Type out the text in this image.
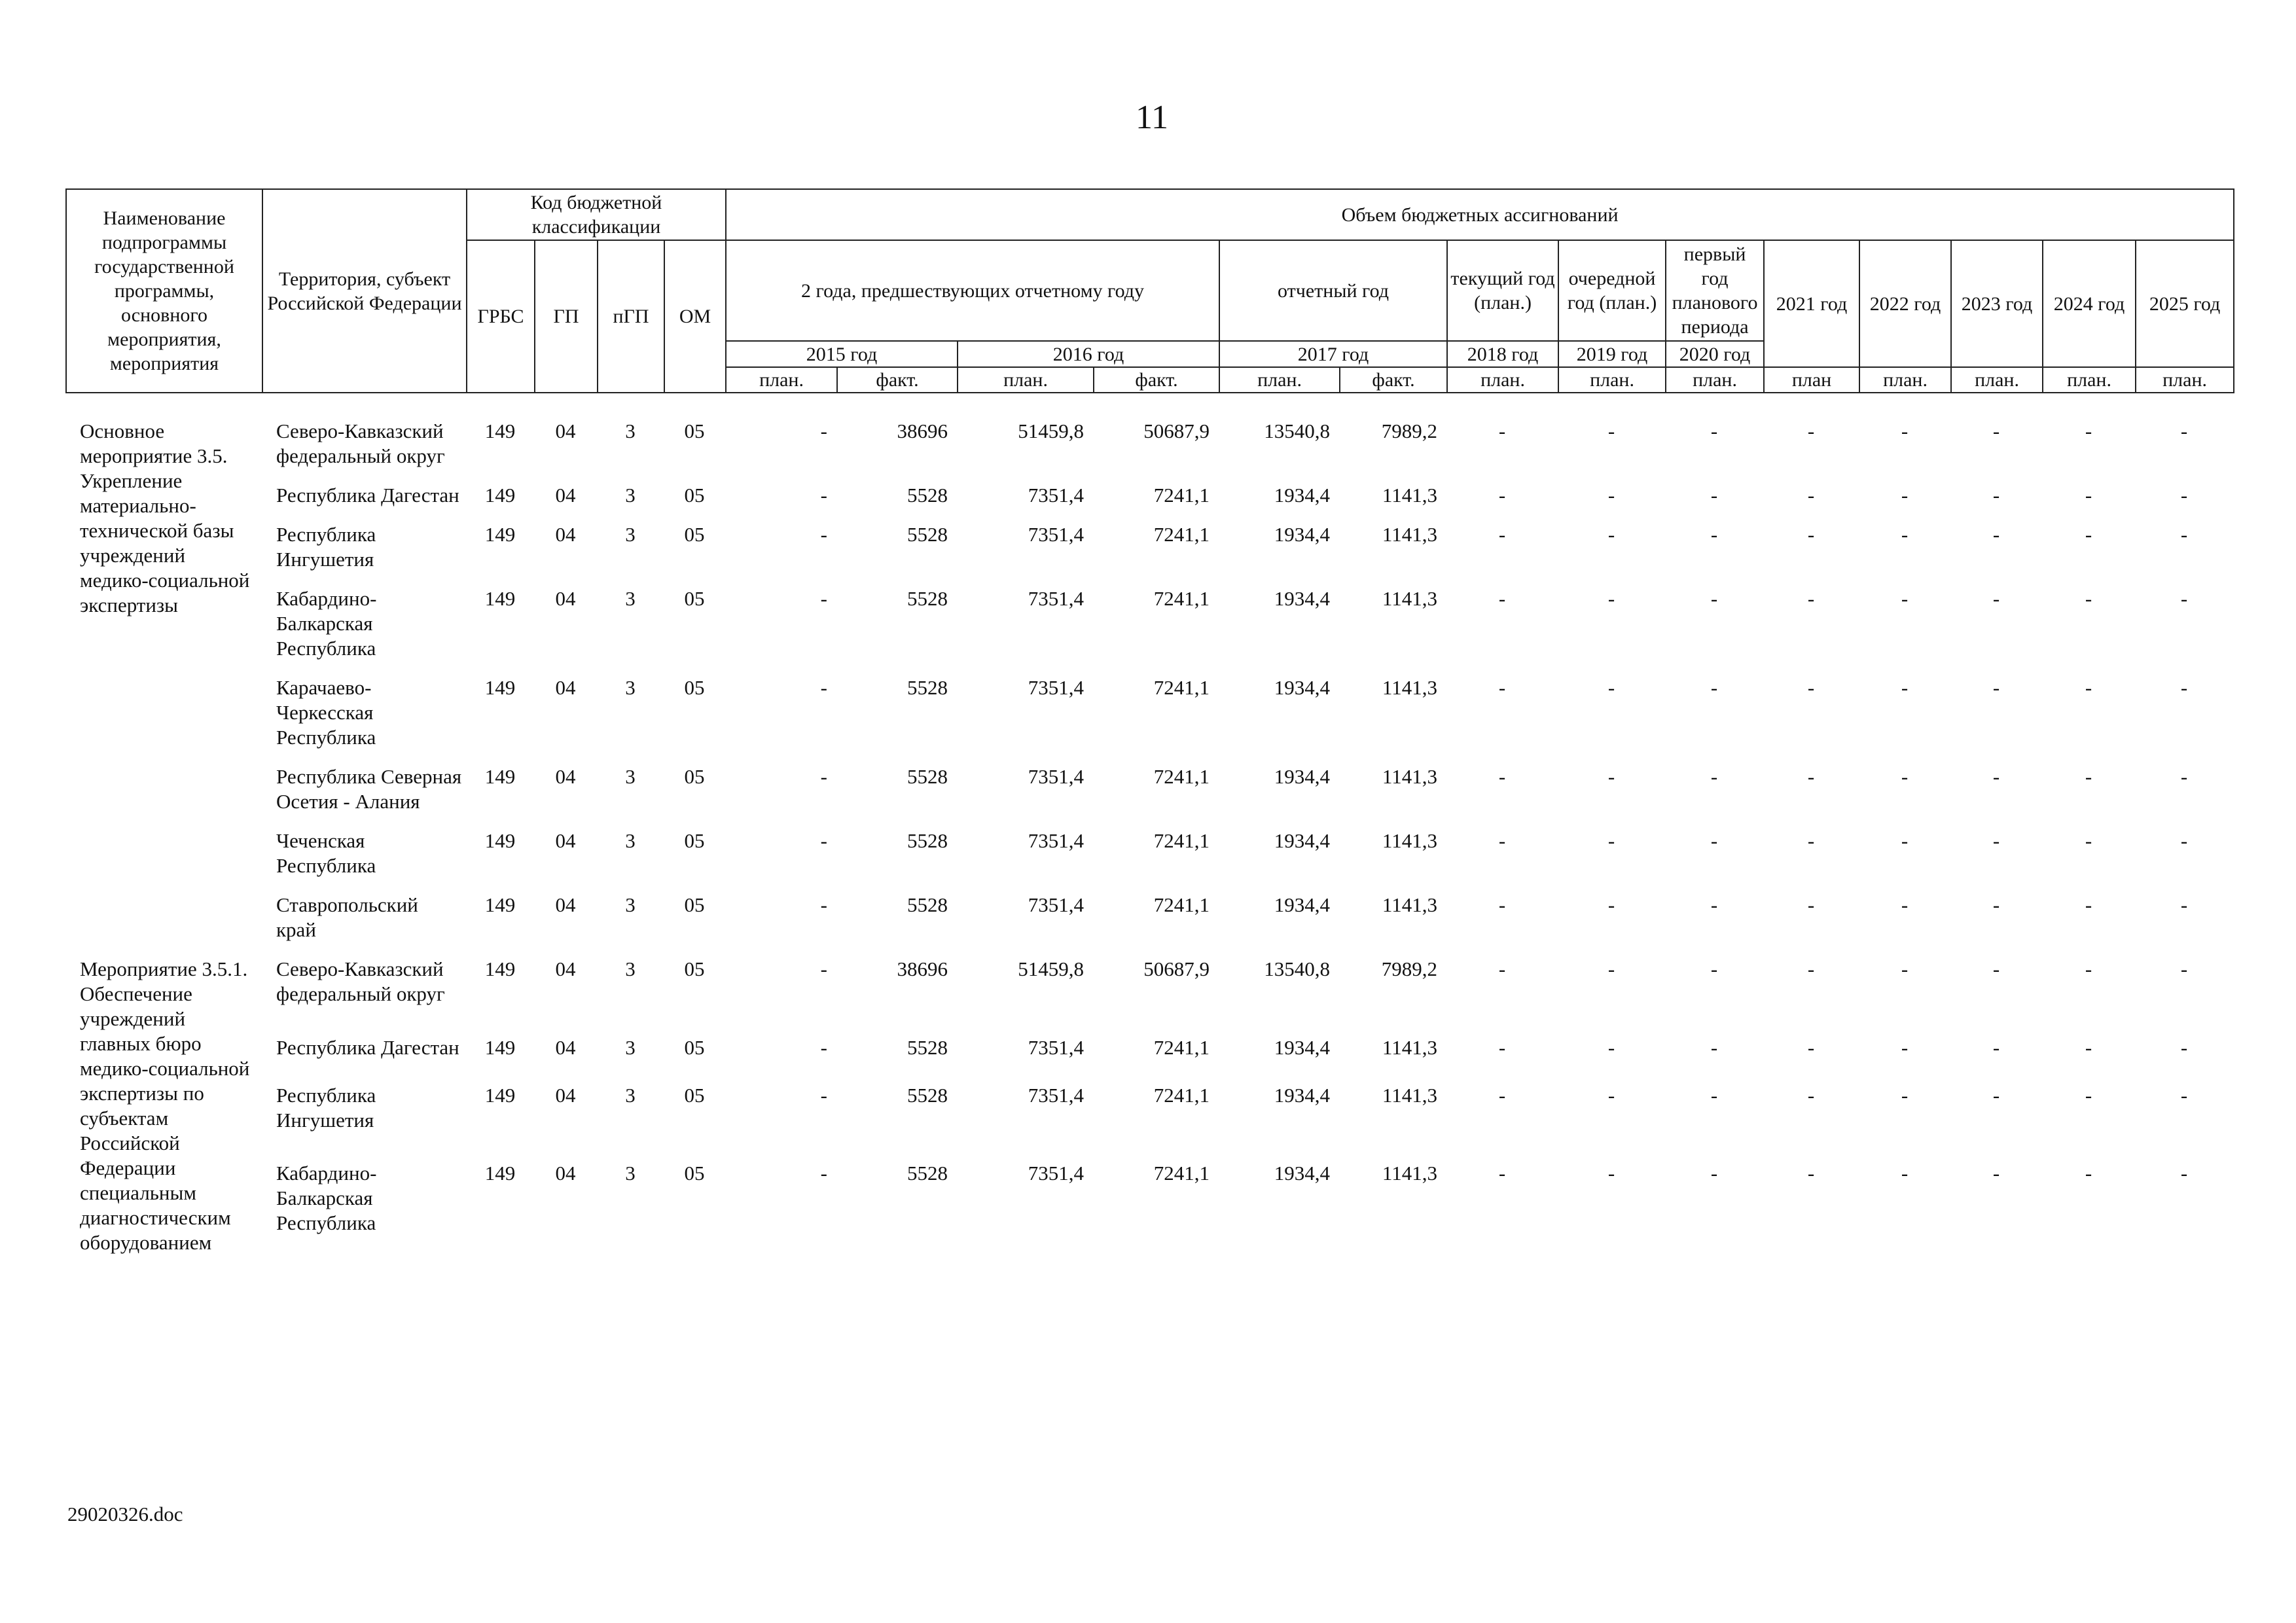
11
Наименование подпрограммы государственной программы, основного мероприятия, мероприятия	Территория, субъект Российской Федерации	Код бюджетной классификации				Объем бюджетных ассигнований													
		ГРБС	ГП	пГП	ОМ	2 года, предшествующих отчетному году				отчетный год		текущий год (план.)	очередной год (план.)	первый год планового периода	2021 год	2022 год	2023 год	2024 год	2025 год
						2015 год		2016 год		2017 год		2018 год	2019 год	2020 год					
						план.	факт.	план.	факт.	план.	факт.	план.	план.	план.	план	план.	план.	план.	план.
Основное мероприятие 3.5. Укрепление материально-технической базы учреждений медико-социальной экспертизы	Северо-Кавказский федеральный округ	149	04	3	05	-	38696	51459,8	50687,9	13540,8	7989,2	-	-	-	-	-	-	-	-
	Республика Дагестан	149	04	3	05	-	5528	7351,4	7241,1	1934,4	1141,3	-	-	-	-	-	-	-	-
	Республика Ингушетия	149	04	3	05	-	5528	7351,4	7241,1	1934,4	1141,3	-	-	-	-	-	-	-	-
	Кабардино-Балкарская Республика	149	04	3	05	-	5528	7351,4	7241,1	1934,4	1141,3	-	-	-	-	-	-	-	-
	Карачаево-Черкесская Республика	149	04	3	05	-	5528	7351,4	7241,1	1934,4	1141,3	-	-	-	-	-	-	-	-
	Республика Северная Осетия - Алания	149	04	3	05	-	5528	7351,4	7241,1	1934,4	1141,3	-	-	-	-	-	-	-	-
	Чеченская Республика	149	04	3	05	-	5528	7351,4	7241,1	1934,4	1141,3	-	-	-	-	-	-	-	-
	Ставропольский край	149	04	3	05	-	5528	7351,4	7241,1	1934,4	1141,3	-	-	-	-	-	-	-	-
Мероприятие 3.5.1. Обеспечение учреждений главных бюро медико-социальной экспертизы по субъектам Российской Федерации специальным диагностическим оборудованием	Северо-Кавказский федеральный округ	149	04	3	05	-	38696	51459,8	50687,9	13540,8	7989,2	-	-	-	-	-	-	-	-
	Республика Дагестан	149	04	3	05	-	5528	7351,4	7241,1	1934,4	1141,3	-	-	-	-	-	-	-	-
	Республика Ингушетия	149	04	3	05	-	5528	7351,4	7241,1	1934,4	1141,3	-	-	-	-	-	-	-	-
	Кабардино-Балкарская Республика	149	04	3	05	-	5528	7351,4	7241,1	1934,4	1141,3	-	-	-	-	-	-	-	-
29020326.doc
